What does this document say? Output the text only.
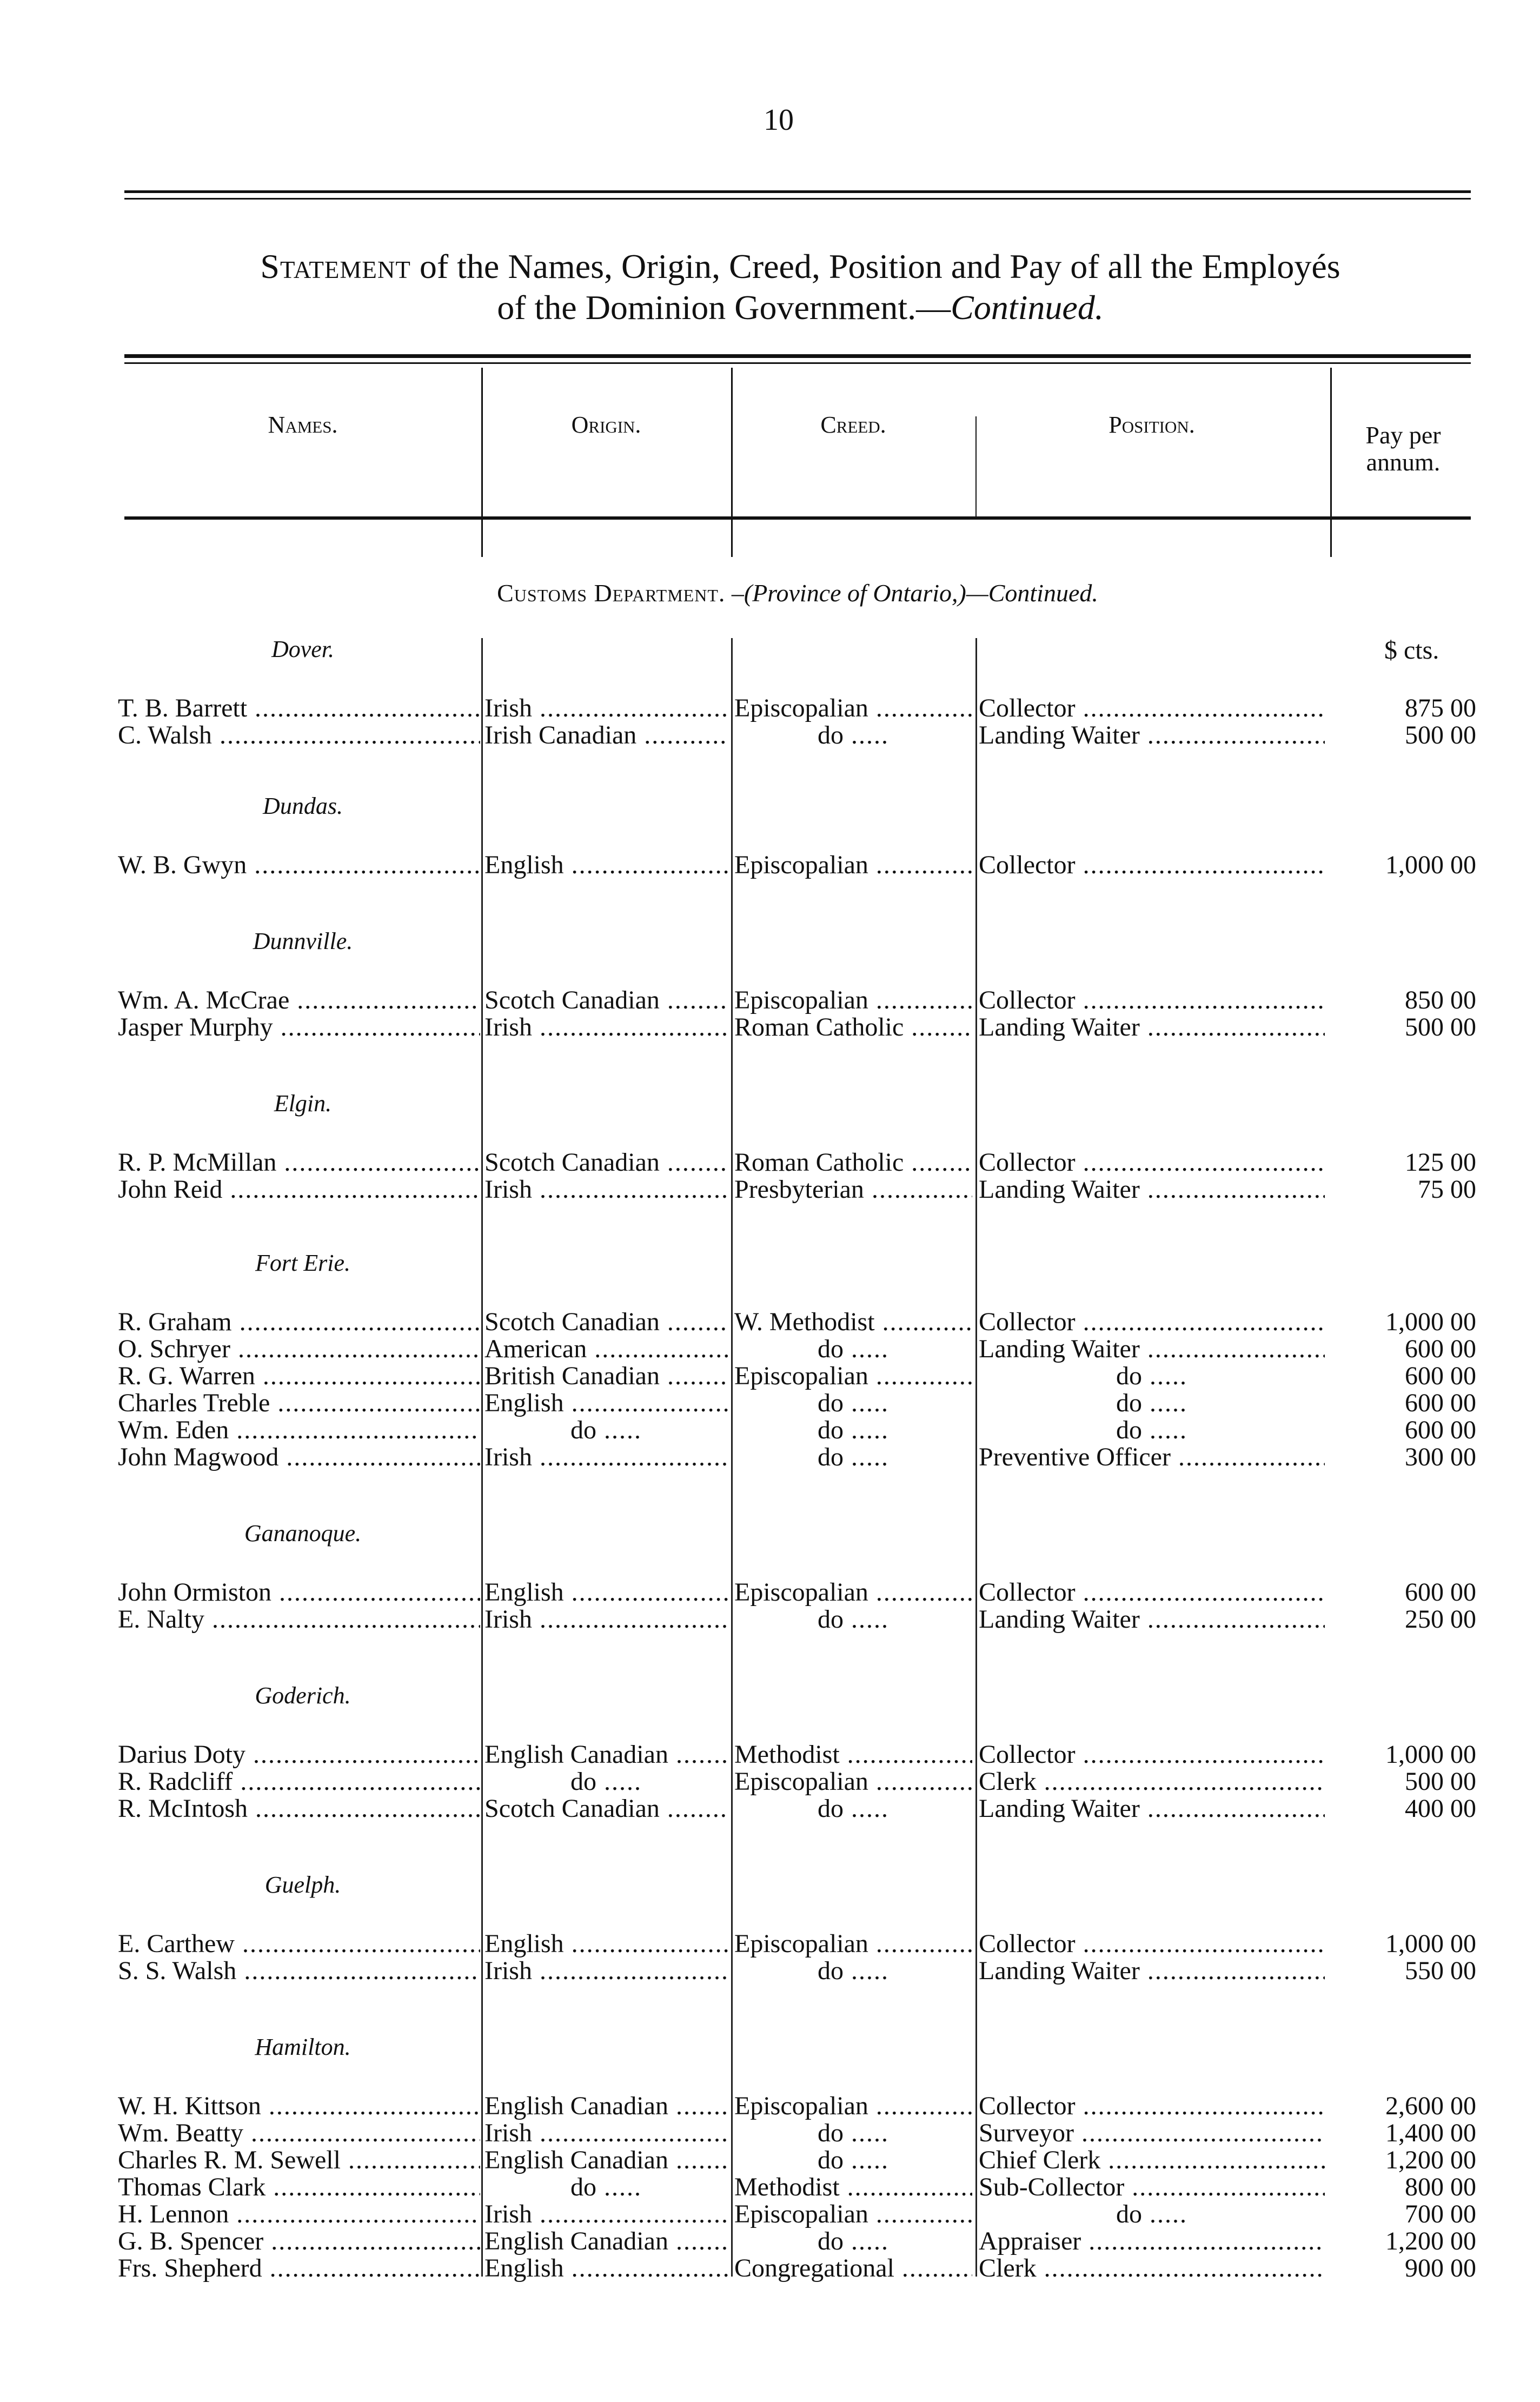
10
Statement of the Names, Origin, Creed, Position and Pay of all the Employés
of the Dominion Government.—Continued.
Names.	Origin.	Creed.	Position.	Pay per annum.
Customs Department. –(Province of Ontario,)—Continued.
$ cts.
Dover.
T. B. Barrett .....	Irish .....	Episcopalian .....	Collector .....	875 00
C. Walsh .....	Irish Canadian .....	do .....	Landing Waiter .....	500 00
Dundas.
W. B. Gwyn .....	English .....	Episcopalian .....	Collector .....	1,000 00
Dunnville.
Wm. A. McCrae .....	Scotch Canadian .....	Episcopalian .....	Collector .....	850 00
Jasper Murphy .....	Irish .....	Roman Catholic .....	Landing Waiter .....	500 00
Elgin.
R. P. McMillan .....	Scotch Canadian .....	Roman Catholic .....	Collector .....	125 00
John Reid .....	Irish .....	Presbyterian .....	Landing Waiter .....	75 00
Fort Erie.
R. Graham .....	Scotch Canadian .....	W. Methodist .....	Collector .....	1,000 00
O. Schryer .....	American .....	do .....	Landing Waiter .....	600 00
R. G. Warren .....	British Canadian .....	Episcopalian .....	do .....	600 00
Charles Treble .....	English .....	do .....	do .....	600 00
Wm. Eden .....	do .....	do .....	do .....	600 00
John Magwood .....	Irish .....	do .....	Preventive Officer .....	300 00
Gananoque.
John Ormiston .....	English .....	Episcopalian .....	Collector .....	600 00
E. Nalty .....	Irish .....	do .....	Landing Waiter .....	250 00
Goderich.
Darius Doty .....	English Canadian .....	Methodist .....	Collector .....	1,000 00
R. Radcliff .....	do .....	Episcopalian .....	Clerk .....	500 00
R. McIntosh .....	Scotch Canadian .....	do .....	Landing Waiter .....	400 00
Guelph.
E. Carthew .....	English .....	Episcopalian .....	Collector .....	1,000 00
S. S. Walsh .....	Irish .....	do .....	Landing Waiter .....	550 00
Hamilton.
W. H. Kittson .....	English Canadian .....	Episcopalian .....	Collector .....	2,600 00
Wm. Beatty .....	Irish .....	do .....	Surveyor .....	1,400 00
Charles R. M. Sewell .....	English Canadian .....	do .....	Chief Clerk .....	1,200 00
Thomas Clark .....	do .....	Methodist .....	Sub-Collector .....	800 00
H. Lennon .....	Irish .....	Episcopalian .....	do .....	700 00
G. B. Spencer .....	English Canadian .....	do .....	Appraiser .....	1,200 00
Frs. Shepherd .....	English .....	Congregational .....	Clerk .....	900 00
